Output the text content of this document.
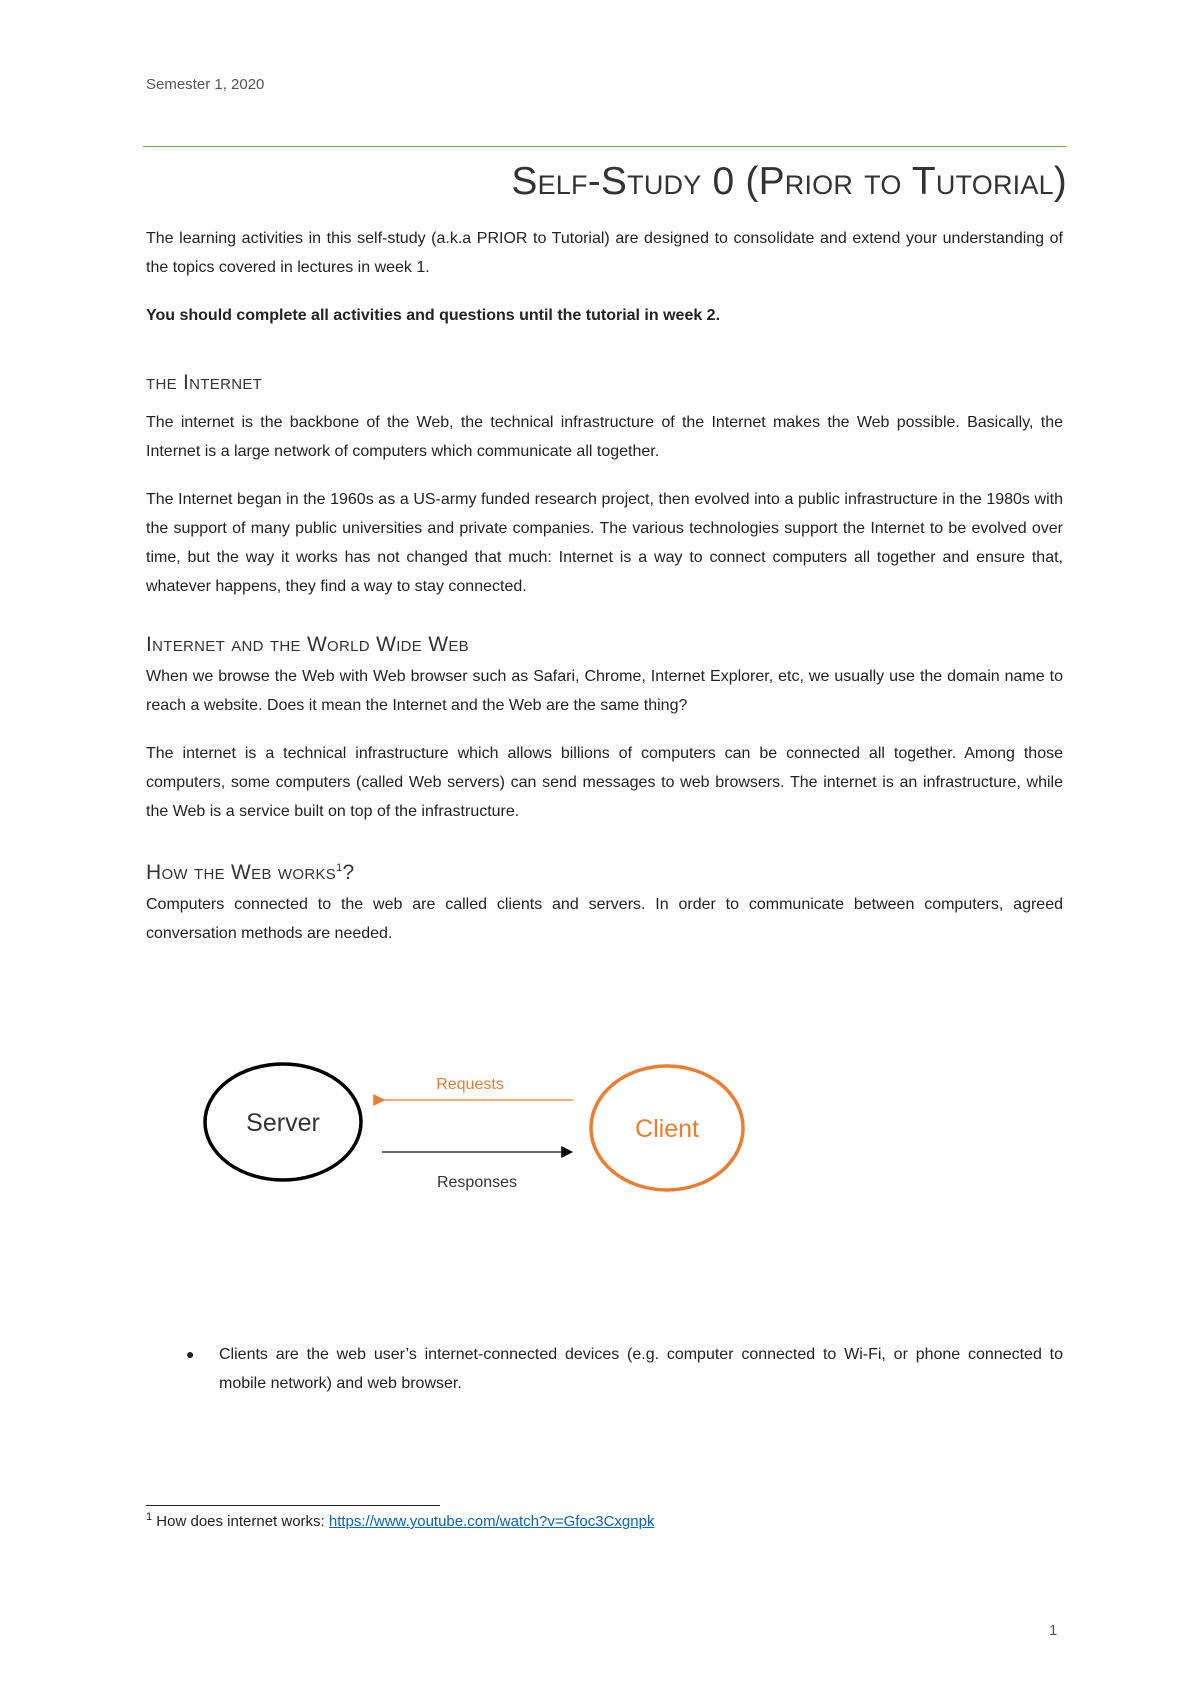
Semester 1, 2020
Self-Study 0 (Prior to Tutorial)

The learning activities in this self-study (a.k.a PRIOR to Tutorial) are designed to consolidate and extend your understanding of the topics covered in lectures in week 1.

You should complete all activities and questions until the tutorial in week 2.

the Internet

The internet is the backbone of the Web, the technical infrastructure of the Internet makes the Web possible. Basically, the Internet is a large network of computers which communicate all together.

The Internet began in the 1960s as a US-army funded research project, then evolved into a public infrastructure in the 1980s with the support of many public universities and private companies. The various technologies support the Internet to be evolved over time, but the way it works has not changed that much: Internet is a way to connect computers all together and ensure that, whatever happens, they find a way to stay connected.

Internet and the World Wide Web

When we browse the Web with Web browser such as Safari, Chrome, Internet Explorer, etc, we usually use the domain name to reach a website. Does it mean the Internet and the Web are the same thing?

The internet is a technical infrastructure which allows billions of computers can be connected all together. Among those computers, some computers (called Web servers) can send messages to web browsers. The internet is an infrastructure, while the Web is a service built on top of the infrastructure.

How the Web works$^1$?

Computers connected to the web are called clients and servers. In order to communicate between computers, agreed conversation methods are needed.

Server	Client
Requests
Responses
● Clients are the web user’s internet-connected devices (e.g. computer connected to Wi-Fi, or phone connected to mobile network) and web browser.
$^1$ How does internet works: https://www.youtube.com/watch?v=Gfoc3Cxgnpk
1
